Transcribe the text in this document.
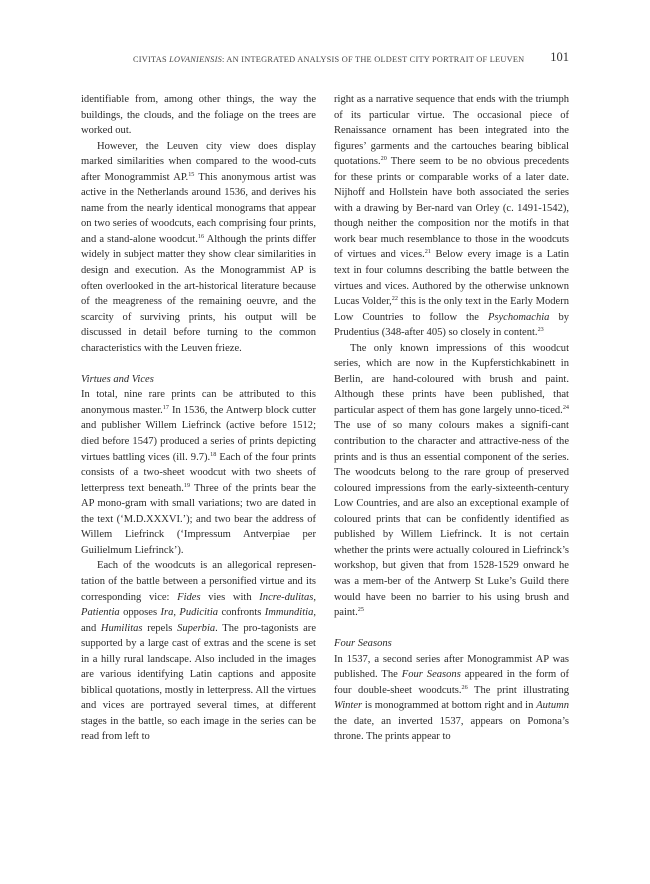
CIVITAS LOVANIENSIS: AN INTEGRATED ANALYSIS OF THE OLDEST CITY PORTRAIT OF LEUVEN	101

identifiable from, among other things, the way the buildings, the clouds, and the foliage on the trees are worked out.

However, the Leuven city view does display marked similarities when compared to the wood-cuts after Monogrammist AP.$^{15}$ This anonymous artist was active in the Netherlands around 1536, and derives his name from the nearly identical monograms that appear on two series of woodcuts, each comprising four prints, and a stand-alone woodcut.$^{16}$ Although the prints differ widely in subject matter they show clear similarities in design and execution. As the Monogrammist AP is often overlooked in the art-historical literature because of the meagreness of the remaining oeuvre, and the scarcity of surviving prints, his output will be discussed in detail before turning to the common characteristics with the Leuven frieze.

Virtues and Vices

In total, nine rare prints can be attributed to this anonymous master.$^{17}$ In 1536, the Antwerp block cutter and publisher Willem Liefrinck (active before 1512; died before 1547) produced a series of prints depicting virtues battling vices (ill. 9.7).$^{18}$ Each of the four prints consists of a two-sheet woodcut with two sheets of letterpress text beneath.$^{19}$ Three of the prints bear the AP mono-gram with small variations; two are dated in the text (‘M.D.XXXVI.’); and two bear the address of Willem Liefrinck (‘Impressum Antverpiae per Guilielmum Liefrinck’).

Each of the woodcuts is an allegorical represen-tation of the battle between a personified virtue and its corresponding vice: Fides vies with Incre-dulitas, Patientia opposes Ira, Pudicitia confronts Immunditia, and Humilitas repels Superbia. The pro-tagonists are supported by a large cast of extras and the scene is set in a hilly rural landscape. Also included in the images are various identifying Latin captions and apposite biblical quotations, mostly in letterpress. All the virtues and vices are portrayed several times, at different stages in the battle, so each image in the series can be read from left to

right as a narrative sequence that ends with the triumph of its particular virtue. The occasional piece of Renaissance ornament has been integrated into the figures’ garments and the cartouches bearing biblical quotations.$^{20}$ There seem to be no obvious precedents for these prints or comparable works of a later date. Nijhoff and Hollstein have both associated the series with a drawing by Ber-nard van Orley (c. 1491-1542), though neither the composition nor the motifs in that work bear much resemblance to those in the woodcuts of virtues and vices.$^{21}$ Below every image is a Latin text in four columns describing the battle between the virtues and vices. Authored by the otherwise unknown Lucas Volder,$^{22}$ this is the only text in the Early Modern Low Countries to follow the Psychomachia by Prudentius (348-after 405) so closely in content.$^{23}$

The only known impressions of this woodcut series, which are now in the Kupferstichkabinett in Berlin, are hand-coloured with brush and paint. Although these prints have been published, that particular aspect of them has gone largely unno-ticed.$^{24}$ The use of so many colours makes a signifi-cant contribution to the character and attractive-ness of the prints and is thus an essential component of the series. The woodcuts belong to the rare group of preserved coloured impressions from the early-sixteenth-century Low Countries, and are also an exceptional example of coloured prints that can be confidently identified as published by Willem Liefrinck. It is not certain whether the prints were actually coloured in Liefrinck’s workshop, but given that from 1528-1529 onward he was a mem-ber of the Antwerp St Luke’s Guild there would have been no barrier to his using brush and paint.$^{25}$

Four Seasons

In 1537, a second series after Monogrammist AP was published. The Four Seasons appeared in the form of four double-sheet woodcuts.$^{26}$ The print illustrating Winter is monogrammed at bottom right and in Autumn the date, an inverted 1537, appears on Pomona’s throne. The prints appear to
